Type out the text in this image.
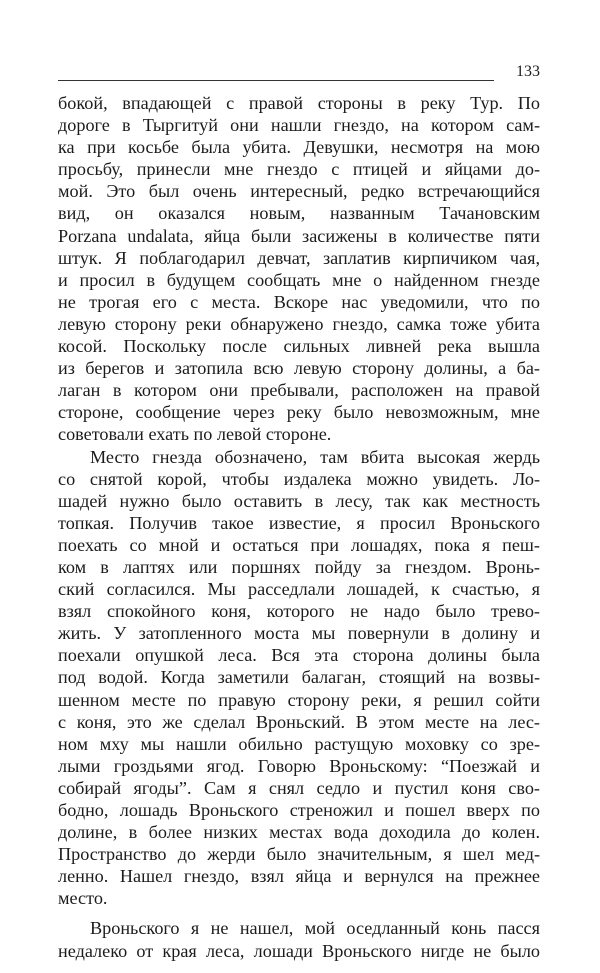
133
бокой, впадающей с правой стороны в реку Тур. По
дороге в Тыргитуй они нашли гнездо, на котором сам-
ка при косьбе была убита. Девушки, несмотря на мою
просьбу, принесли мне гнездо с птицей и яйцами до-
мой. Это был очень интересный, редко встречающийся
вид, он оказался новым, названным Тачановским
Porzana undalata, яйца были засижены в количестве пяти
штук. Я поблагодарил девчат, заплатив кирпичиком чая,
и просил в будущем сообщать мне о найденном гнезде
не трогая его с места. Вскоре нас уведомили, что по
левую сторону реки обнаружено гнездо, самка тоже убита
косой. Поскольку после сильных ливней река вышла
из берегов и затопила всю левую сторону долины, а ба-
лаган в котором они пребывали, расположен на правой
стороне, сообщение через реку было невозможным, мне
советовали ехать по левой стороне.
Место гнезда обозначено, там вбита высокая жердь
со снятой корой, чтобы издалека можно увидеть. Ло-
шадей нужно было оставить в лесу, так как местность
топкая. Получив такое известие, я просил Вроньского
поехать со мной и остаться при лошадях, пока я пеш-
ком в лаптях или поршнях пойду за гнездом. Вронь-
ский согласился. Мы расседлали лошадей, к счастью, я
взял спокойного коня, которого не надо было трево-
жить. У затопленного моста мы повернули в долину и
поехали опушкой леса. Вся эта сторона долины была
под водой. Когда заметили балаган, стоящий на возвы-
шенном месте по правую сторону реки, я решил сойти
с коня, это же сделал Вроньский. В этом месте на лес-
ном мху мы нашли обильно растущую моховку со зре-
лыми гроздьями ягод. Говорю Вроньскому: “Поезжай и
собирай ягоды”. Сам я снял седло и пустил коня сво-
бодно, лошадь Вроньского стреножил и пошел вверх по
долине, в более низких местах вода доходила до колен.
Пространство до жерди было значительным, я шел мед-
ленно. Нашел гнездо, взял яйца и вернулся на прежнее
место.
Вроньского я не нашел, мой оседланный конь пасся
недалеко от края леса, лошади Вроньского нигде не было
